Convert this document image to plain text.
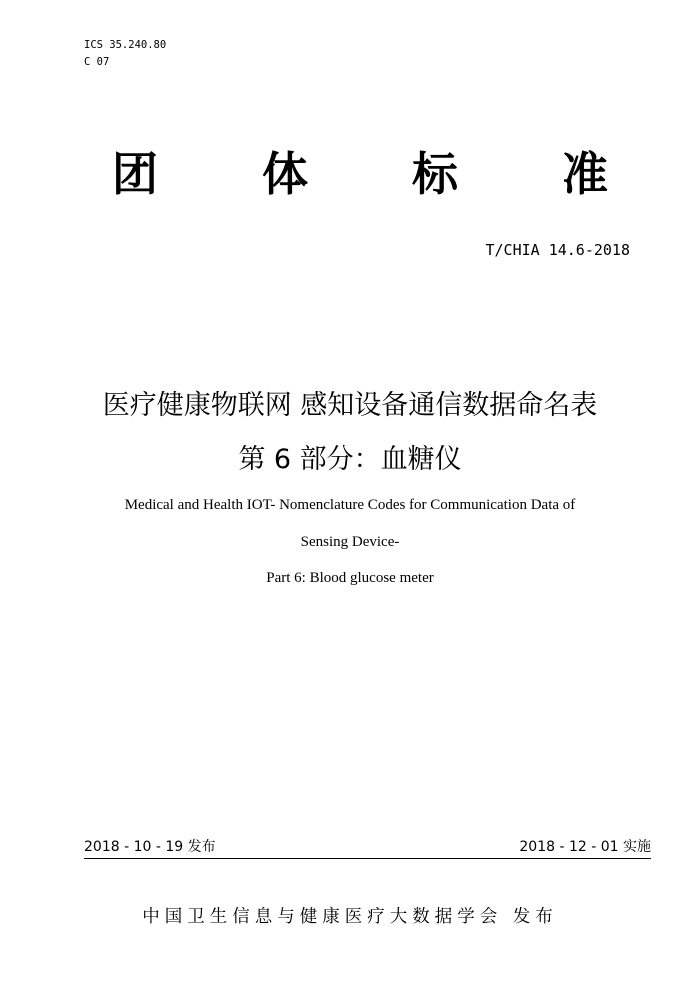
ICS 35.240.80
C 07
团 体 标 准
T/CHIA 14.6-2018
医疗健康物联网 感知设备通信数据命名表
第 6 部分：血糖仪
Medical and Health IOT- Nomenclature Codes for Communication Data of
Sensing Device-
Part 6: Blood glucose meter
2018 - 10 - 19 发布	2018 - 12 - 01 实施
中国卫生信息与健康医疗大数据学会 发布
